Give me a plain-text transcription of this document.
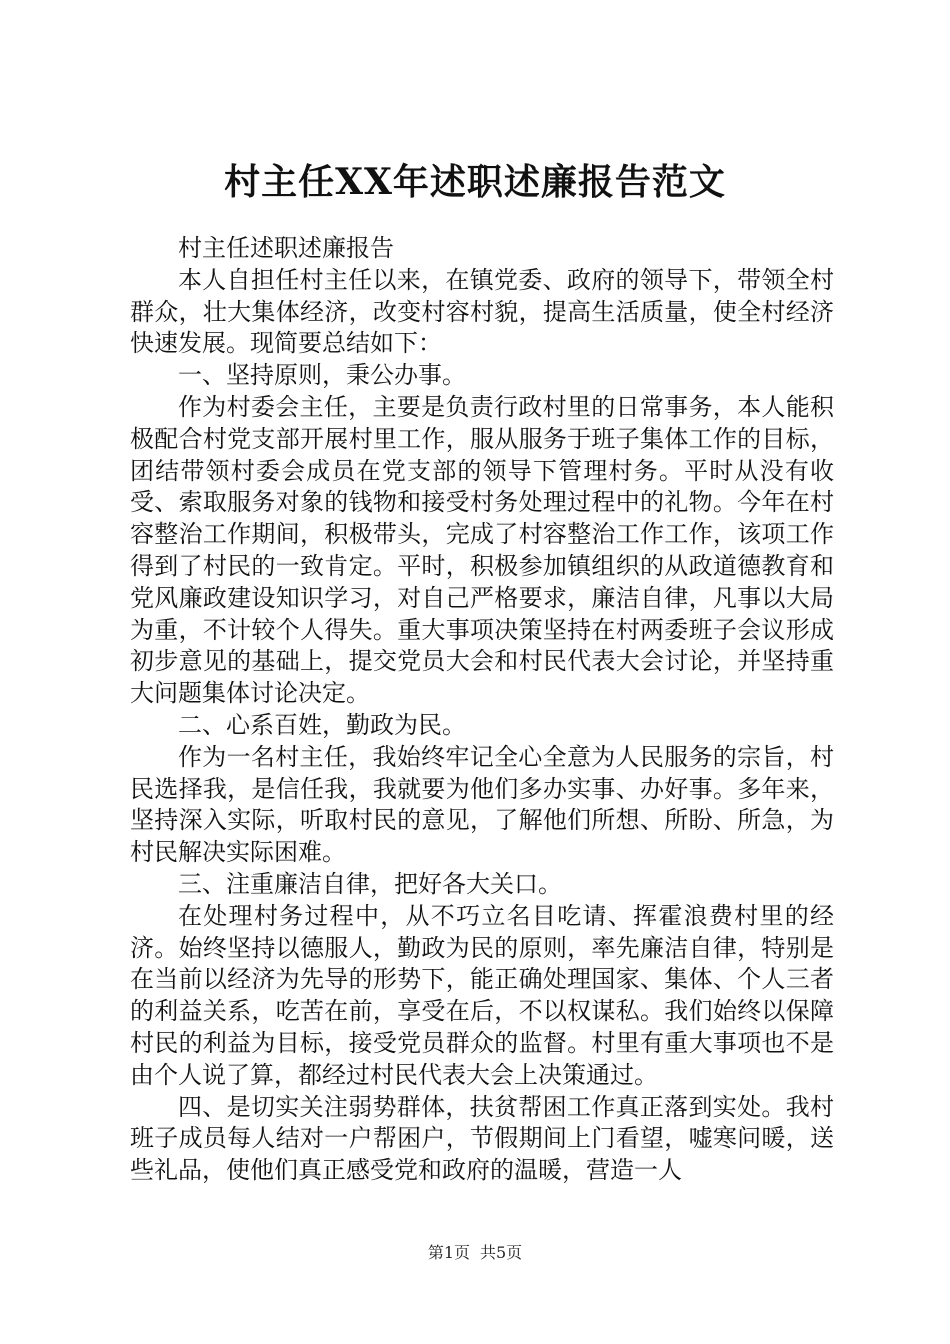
村主任XX年述职述廉报告范文

村主任述职述廉报告

本人自担任村主任以来，在镇党委、政府的领导下，带领全村群众，壮大集体经济，改变村容村貌，提高生活质量，使全村经济快速发展。现简要总结如下：

一、坚持原则，秉公办事。

作为村委会主任，主要是负责行政村里的日常事务，本人能积极配合村党支部开展村里工作，服从服务于班子集体工作的目标，团结带领村委会成员在党支部的领导下管理村务。平时从没有收受、索取服务对象的钱物和接受村务处理过程中的礼物。今年在村容整治工作期间，积极带头，完成了村容整治工作工作，该项工作得到了村民的一致肯定。平时，积极参加镇组织的从政道德教育和党风廉政建设知识学习，对自己严格要求，廉洁自律，凡事以大局为重，不计较个人得失。重大事项决策坚持在村两委班子会议形成初步意见的基础上，提交党员大会和村民代表大会讨论，并坚持重大问题集体讨论决定。

二、心系百姓，勤政为民。

作为一名村主任，我始终牢记全心全意为人民服务的宗旨，村民选择我，是信任我，我就要为他们多办实事、办好事。多年来，坚持深入实际，听取村民的意见，了解他们所想、所盼、所急，为村民解决实际困难。

三、注重廉洁自律，把好各大关口。

在处理村务过程中，从不巧立名目吃请、挥霍浪费村里的经济。始终坚持以德服人，勤政为民的原则，率先廉洁自律，特别是在当前以经济为先导的形势下，能正确处理国家、集体、个人三者的利益关系，吃苦在前，享受在后，不以权谋私。我们始终以保障村民的利益为目标，接受党员群众的监督。村里有重大事项也不是由个人说了算，都经过村民代表大会上决策通过。

四、是切实关注弱势群体，扶贫帮困工作真正落到实处。我村班子成员每人结对一户帮困户，节假期间上门看望，嘘寒问暖，送些礼品，使他们真正感受党和政府的温暖，营造一人

第1页 共5页
